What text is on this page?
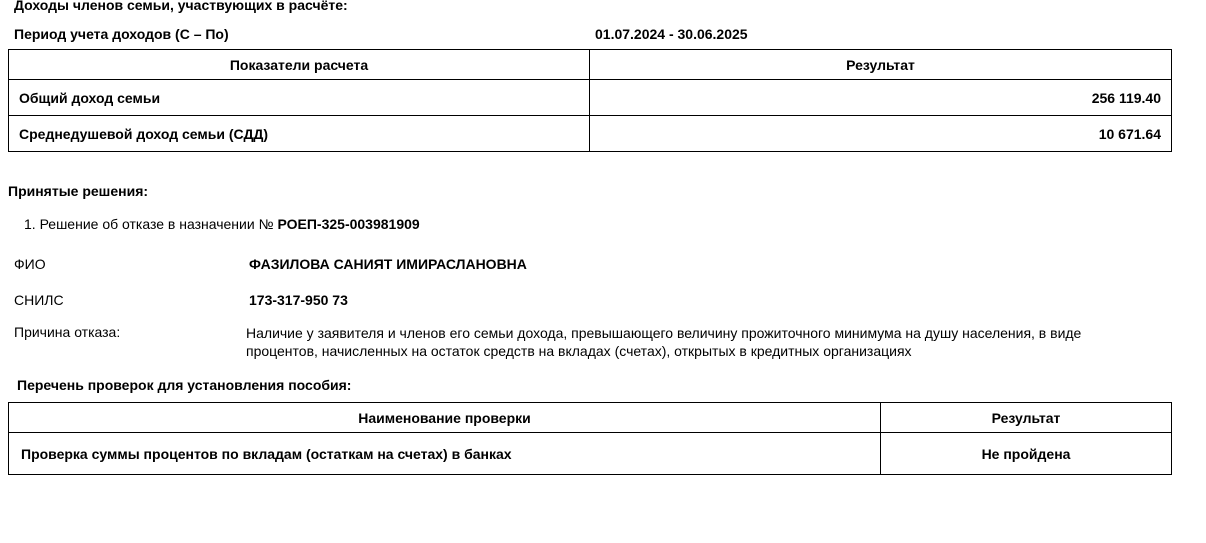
Доходы членов семьи, участвующих в расчёте:
Период учета доходов (С – По)	01.07.2024 - 30.06.2025
Показатели расчета	Результат
Общий доход семьи	256 119.40
Среднедушевой доход семьи (СДД)	10 671.64
Принятые решения:
1. Решение об отказе в назначении № РОЕП-325-003981909
ФИО	ФАЗИЛОВА САНИЯТ ИМИРАСЛАНОВНА
СНИЛС	173-317-950 73
Причина отказа:	Наличие у заявителя и членов его семьи дохода, превышающего величину прожиточного минимума на душу населения, в виде процентов, начисленных на остаток средств на вкладах (счетах), открытых в кредитных организациях
Перечень проверок для установления пособия:
Наименование проверки	Результат
Проверка суммы процентов по вкладам (остаткам на счетах) в банках	Не пройдена
